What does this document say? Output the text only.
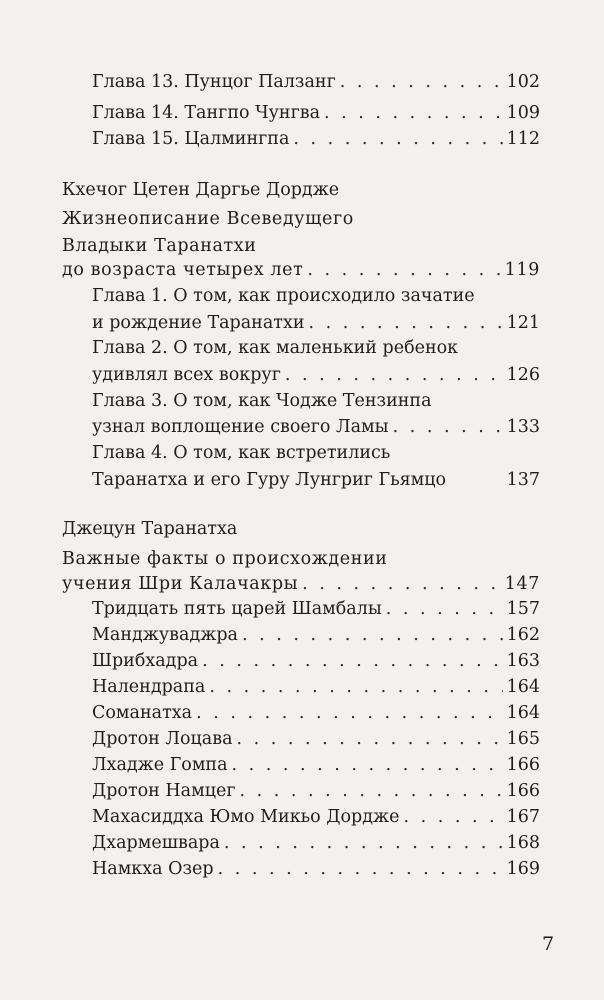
Глава 13. Пунцог Палзанг . . .	102
Глава 14. Тангпо Чунгва . . .	109
Глава 15. Цалмингпа . . .	112
Кхечог Цетен Даргье Дордже
Жизнеописание Всеведущего
Владыки Таранатхи
до возраста четырех лет . . .	119
Глава 1. О том, как происходило зачатие
и рождение Таранатхи . . .	121
Глава 2. О том, как маленький ребенок
удивлял всех вокруг . . .	126
Глава 3. О том, как Чодже Тензинпа
узнал воплощение своего Ламы . . .	133
Глава 4. О том, как встретились
Таранатха и его Гуру Лунгриг Гьямцо	137
Джецун Таранатха
Важные факты о происхождении
учения Шри Калачакры . . .	147
Тридцать пять царей Шамбалы . . .	157
Манджуваджра . . .	162
Шрибхадра . . .	163
Налендрапа . . .	164
Соманатха . . .	164
Дротон Лоцава . . .	165
Лхадже Гомпа . . .	166
Дротон Намцег . . .	166
Махасиддха Юмо Микьо Дордже . . .	167
Дхармешвара . . .	168
Намкха Озер . . .	169
7
